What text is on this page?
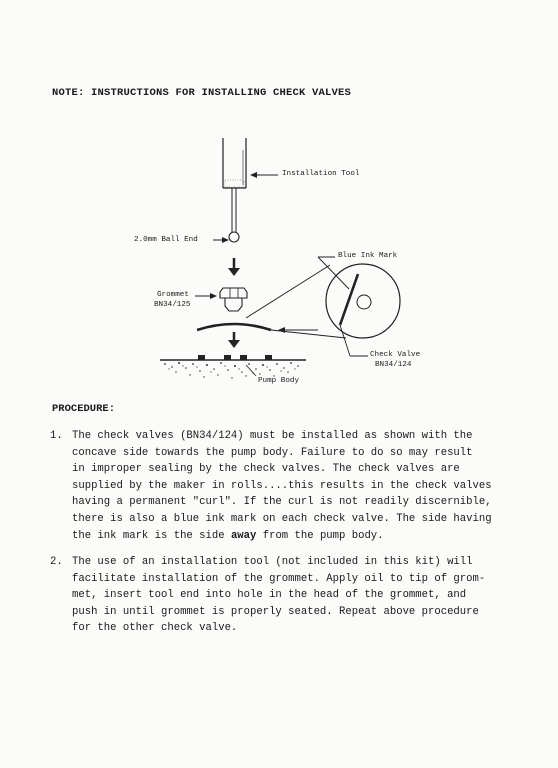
NOTE: INSTRUCTIONS FOR INSTALLING CHECK VALVES
Installation Tool
2.0mm Ball End
Blue Ink Mark
Grommet
BN34/125
Check Valve
BN34/124
Pump Body
PROCEDURE:
1. The check valves (BN34/124) must be installed as shown with the
concave side towards the pump body. Failure to do so may result
in improper sealing by the check valves. The check valves are
supplied by the maker in rolls....this results in the check valves
having a permanent "curl". If the curl is not readily discernible,
there is also a blue ink mark on each check valve. The side having
the ink mark is the side away from the pump body.
2. The use of an installation tool (not included in this kit) will
facilitate installation of the grommet. Apply oil to tip of grom-
met, insert tool end into hole in the head of the grommet, and
push in until grommet is properly seated. Repeat above procedure
for the other check valve.
